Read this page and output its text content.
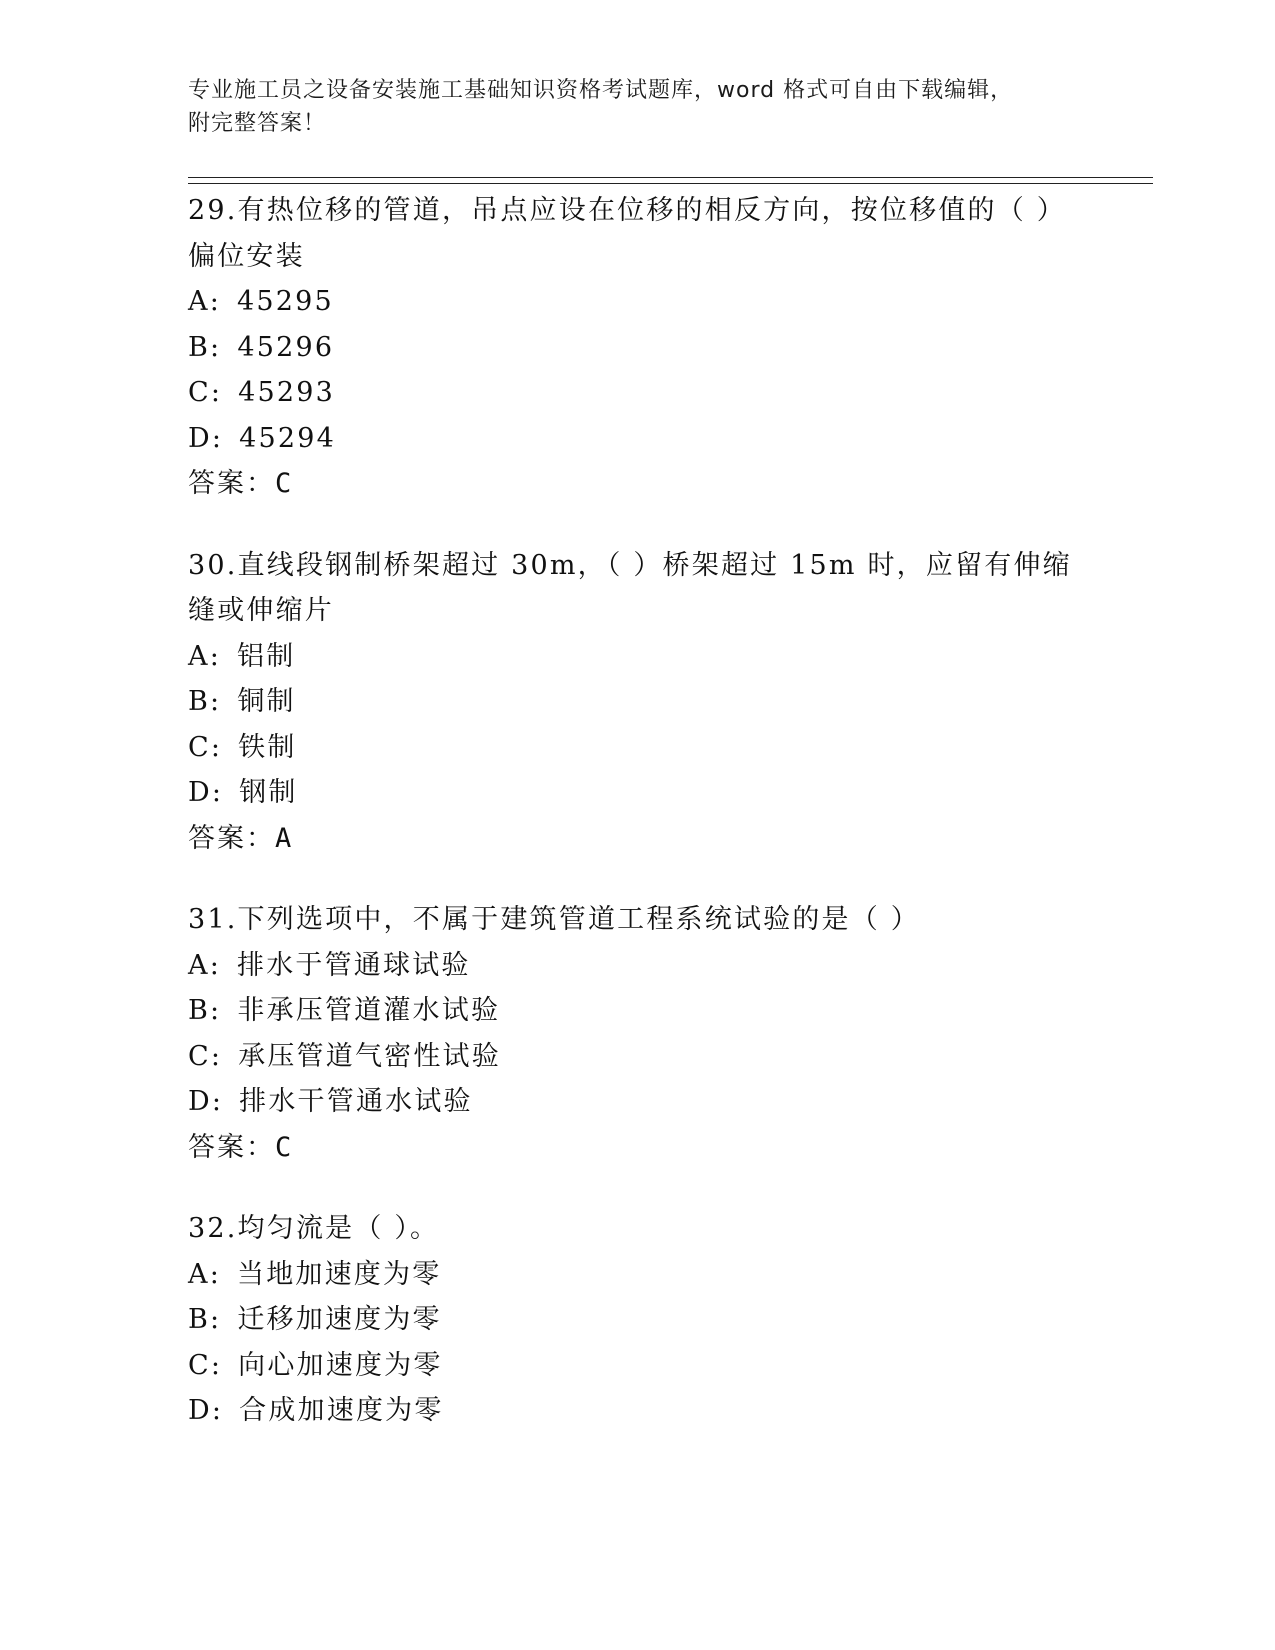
专业施工员之设备安装施工基础知识资格考试题库，word 格式可自由下载编辑，
附完整答案！

29.有热位移的管道，吊点应设在位移的相反方向，按位移值的（ ）偏位安装

A: 45295

B: 45296

C: 45293

D: 45294

答案：C

30.直线段钢制桥架超过 30m，（ ）桥架超过 15m 时，应留有伸缩缝或伸缩片

A: 铝制

B: 铜制

C: 铁制

D: 钢制

答案：A

31.下列选项中，不属于建筑管道工程系统试验的是（ ）

A: 排水于管通球试验

B: 非承压管道灌水试验

C: 承压管道气密性试验

D: 排水干管通水试验

答案：C

32.均匀流是（ ）。

A: 当地加速度为零

B: 迁移加速度为零

C: 向心加速度为零

D: 合成加速度为零
